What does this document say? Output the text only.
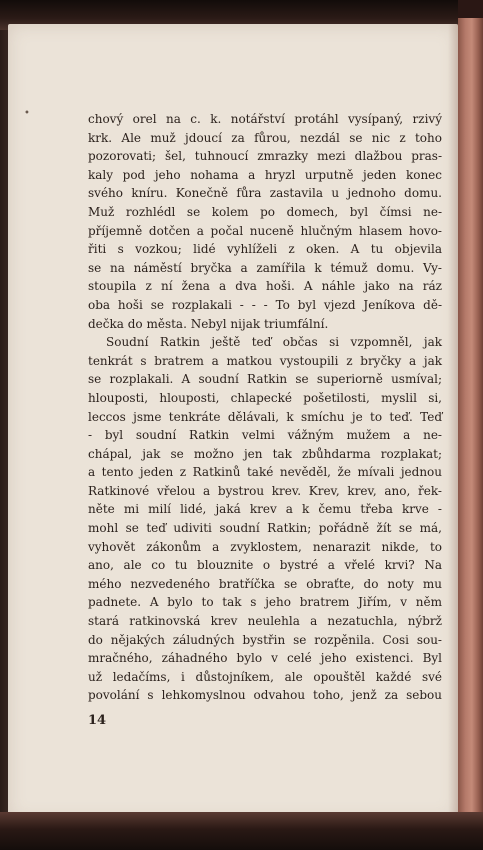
•	chový orel na c. k. notářství protáhl vysípaný, rzivý
krk. Ale muž jdoucí za fůrou, nezdál se nic z toho
pozorovati; šel, tuhnoucí zmrazky mezi dlažbou pras-
kaly pod jeho nohama a hryzl urputně jeden konec
svého kníru. Konečně fůra zastavila u jednoho domu.
Muž rozhlédl se kolem po domech, byl čímsi ne-
příjemně dotčen a počal nuceně hlučným hlasem hovo-
řiti s vozkou; lidé vyhlíželi z oken. A tu objevila
se na náměstí bryčka a zamířila k témuž domu. Vy-
stoupila z ní žena a dva hoši. A náhle jako na ráz
oba hoši se rozplakali - - - To byl vjezd Jeníkova dě-
dečka do města. Nebyl nijak triumfální.
Soudní Ratkin ještě teď občas si vzpomněl, jak
tenkrát s bratrem a matkou vystoupili z bryčky a jak
se rozplakali. A soudní Ratkin se superiorně usmíval;
hlouposti, hlouposti, chlapecké pošetilosti, myslil si,
leccos jsme tenkráte dělávali, k smíchu je to teď. Teď
- byl soudní Ratkin velmi vážným mužem a ne-
chápal, jak se možno jen tak zbůhdarma rozplakat;
a tento jeden z Ratkinů také nevěděl, že mívali jednou
Ratkinové vřelou a bystrou krev. Krev, krev, ano, řek-
něte mi milí lidé, jaká krev a k čemu třeba krve -
mohl se teď udiviti soudní Ratkin; pořádně žít se má,
vyhovět zákonům a zvyklostem, nenarazit nikde, to
ano, ale co tu blouznite o bystré a vřelé krvi? Na
mého nezvedeného bratříčka se obraťte, do noty mu
padnete. A bylo to tak s jeho bratrem Jiřím, v něm
stará ratkinovská krev neulehla a nezatuchla, nýbrž
do nějakých záludných bystřin se rozpěnila. Cosi sou-
mračného, záhadného bylo v celé jeho existenci. Byl
už ledačíms, i důstojníkem, ale opouštěl každé své
povolání s lehkomyslnou odvahou toho, jenž za sebou
14
